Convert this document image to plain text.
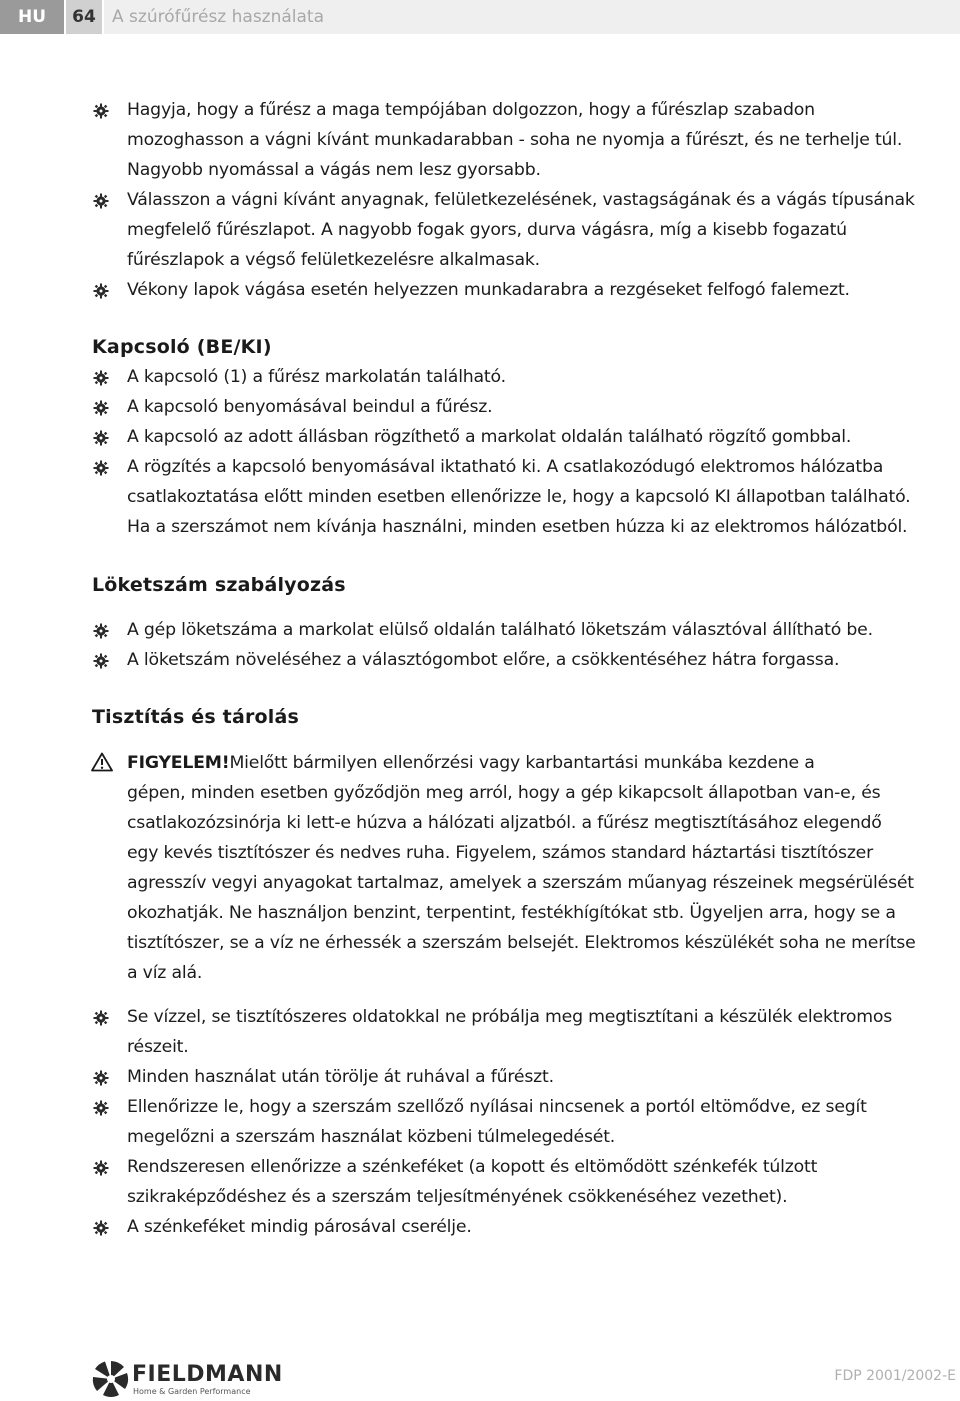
HU	64 A szúrófűrész használata
Hagyja, hogy a fűrész a maga tempójában dolgozzon, hogy a fűrészlap szabadon
mozoghasson a vágni kívánt munkadarabban - soha ne nyomja a fűrészt, és ne terhelje túl.
Nagyobb nyomással a vágás nem lesz gyorsabb.
Válasszon a vágni kívánt anyagnak, felületkezelésének, vastagságának és a vágás típusának
megfelelő fűrészlapot. A nagyobb fogak gyors, durva vágásra, míg a kisebb fogazatú
fűrészlapok a végső felületkezelésre alkalmasak.
Vékony lapok vágása esetén helyezzen munkadarabra a rezgéseket felfogó falemezt.
Kapcsoló (BE/KI)
A kapcsoló (1) a fűrész markolatán található.
A kapcsoló benyomásával beindul a fűrész.
A kapcsoló az adott állásban rögzíthető a markolat oldalán található rögzítő gombbal.
A rögzítés a kapcsoló benyomásával iktatható ki. A csatlakozódugó elektromos hálózatba
csatlakoztatása előtt minden esetben ellenőrizze le, hogy a kapcsoló KI állapotban található.
Ha a szerszámot nem kívánja használni, minden esetben húzza ki az elektromos hálózatból.
Löketszám szabályozás
A gép löketszáma a markolat elülső oldalán található löketszám választóval állítható be.
A löketszám növeléséhez a választógombot előre, a csökkentéséhez hátra forgassa.
Tisztítás és tárolás
FIGYELEM!Mielőtt bármilyen ellenőrzési vagy karbantartási munkába kezdene a
gépen, minden esetben győződjön meg arról, hogy a gép kikapcsolt állapotban van-e, és
csatlakozózsinórja ki lett-e húzva a hálózati aljzatból. a fűrész megtisztításához elegendő
egy kevés tisztítószer és nedves ruha. Figyelem, számos standard háztartási tisztítószer
agresszív vegyi anyagokat tartalmaz, amelyek a szerszám műanyag részeinek megsérülését
okozhatják. Ne használjon benzint, terpentint, festékhígítókat stb. Ügyeljen arra, hogy se a
tisztítószer, se a víz ne érhessék a szerszám belsejét. Elektromos készülékét soha ne merítse
a víz alá.
Se vízzel, se tisztítószeres oldatokkal ne próbálja meg megtisztítani a készülék elektromos
részeit.
Minden használat után törölje át ruhával a fűrészt.
Ellenőrizze le, hogy a szerszám szellőző nyílásai nincsenek a portól eltömődve, ez segít
megelőzni a szerszám használat közbeni túlmelegedését.
Rendszeresen ellenőrizze a szénkeféket (a kopott és eltömődött szénkefék túlzott
szikraképződéshez és a szerszám teljesítményének csökkenéséhez vezethet).
A szénkeféket mindig párosával cserélje.
FIELDMANN
Home & Garden Performance
FDP 2001/2002-E
